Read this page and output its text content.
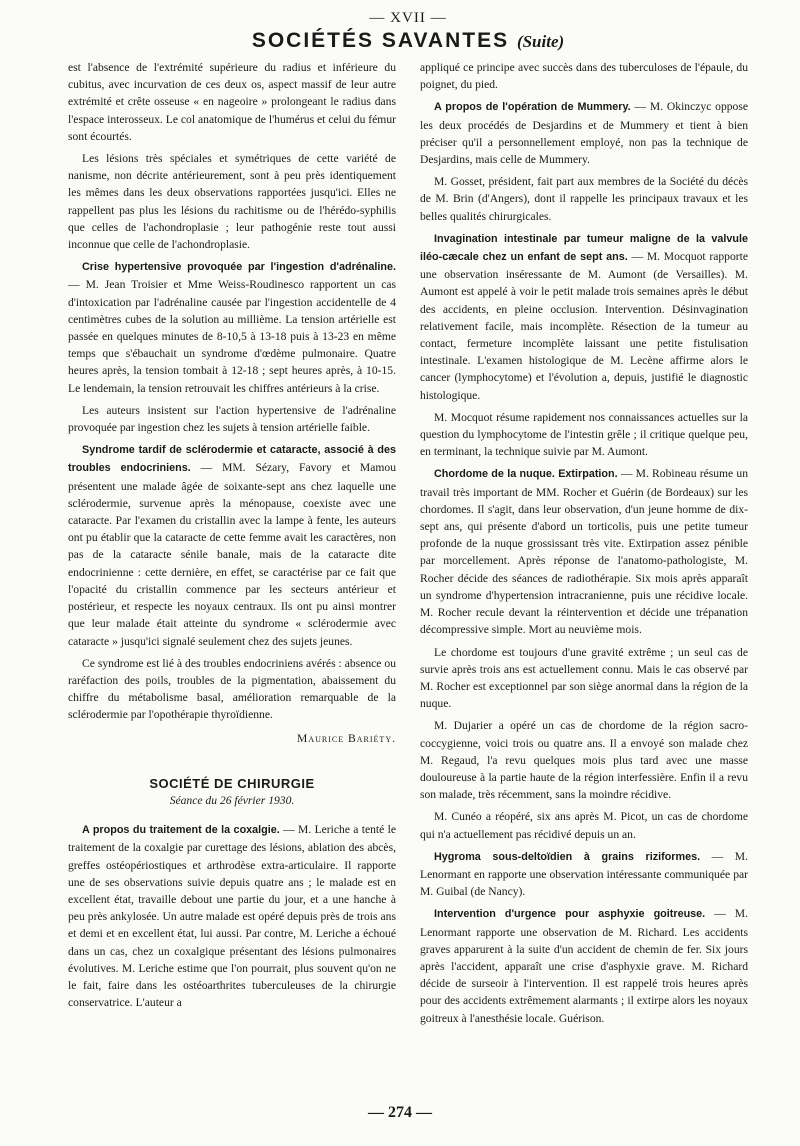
— XVII —
SOCIÉTÉS SAVANTES (Suite)

est l'absence de l'extrémité supérieure du radius et inférieure du cubitus, avec incurvation de ces deux os, aspect massif de leur autre extrémité et crête osseuse « en nageoire » prolongeant le radius dans l'espace interosseux. Le col anatomique de l'humérus et celui du fémur sont écourtés.

Les lésions très spéciales et symétriques de cette variété de nanisme, non décrite antérieurement, sont à peu près identiquement les mêmes dans les deux observations rapportées jusqu'ici. Elles ne rappellent pas plus les lésions du rachitisme ou de l'hérédo-syphilis que celles de l'achondroplasie ; leur pathogénie reste tout aussi inconnue que celle de l'achondroplasie.

Crise hypertensive provoquée par l'ingestion d'adrénaline. — M. Jean Troisier et Mme Weiss-Roudinesco rapportent un cas d'intoxication par l'adrénaline causée par l'ingestion accidentelle de 4 centimètres cubes de la solution au millième. La tension artérielle est passée en quelques minutes de 8-10,5 à 13-18 puis à 13-23 en même temps que s'ébauchait un syndrome d'œdème pulmonaire. Quatre heures après, la tension tombait à 12-18 ; sept heures après, à 10-15. Le lendemain, la tension retrouvait les chiffres antérieurs à la crise.

Les auteurs insistent sur l'action hypertensive de l'adrénaline provoquée par ingestion chez les sujets à tension artérielle faible.

Syndrome tardif de sclérodermie et cataracte, associé à des troubles endocriniens. — MM. Sézary, Favory et Mamou présentent une malade âgée de soixante-sept ans chez laquelle une sclérodermie, survenue après la ménopause, coexiste avec une cataracte. Par l'examen du cristallin avec la lampe à fente, les auteurs ont pu établir que la cataracte de cette femme avait les caractères, non pas de la cataracte sénile banale, mais de la cataracte dite endocrinienne : cette dernière, en effet, se caractérise par ce fait que l'opacité du cristallin commence par les secteurs antérieur et postérieur, et respecte les noyaux centraux. Ils ont pu ainsi montrer que leur malade était atteinte du syndrome « sclérodermie avec cataracte » jusqu'ici signalé seulement chez des sujets jeunes.

Ce syndrome est lié à des troubles endocriniens avérés : absence ou raréfaction des poils, troubles de la pigmentation, abaissement du chiffre du métabolisme basal, amélioration remarquable de la sclérodermie par l'opothérapie thyroïdienne.

Maurice Bariéty.
SOCIÉTÉ DE CHIRURGIE
Séance du 26 février 1930.

A propos du traitement de la coxalgie. — M. Leriche a tenté le traitement de la coxalgie par curettage des lésions, ablation des abcès, greffes ostéopériostiques et arthrodèse extra-articulaire. Il rapporte une de ses observations suivie depuis quatre ans ; le malade est en excellent état, travaille debout une partie du jour, et a une hanche à peu près ankylosée. Un autre malade est opéré depuis près de trois ans et demi et en excellent état, lui aussi. Par contre, M. Leriche a échoué dans un cas, chez un coxalgique présentant des lésions pulmonaires évolutives. M. Leriche estime que l'on pourrait, plus souvent qu'on ne le fait, faire dans les ostéoarthrites tuberculeuses de la chirurgie conservatrice. L'auteur a

appliqué ce principe avec succès dans des tuberculoses de l'épaule, du poignet, du pied.

A propos de l'opération de Mummery. — M. Okinczyc oppose les deux procédés de Desjardins et de Mummery et tient à bien préciser qu'il a personnellement employé, non pas la technique de Desjardins, mais celle de Mummery.

M. Gosset, président, fait part aux membres de la Société du décès de M. Brin (d'Angers), dont il rappelle les principaux travaux et les belles qualités chirurgicales.

Invagination intestinale par tumeur maligne de la valvule iléo-cæcale chez un enfant de sept ans. — M. Mocquot rapporte une observation inséressante de M. Aumont (de Versailles). M. Aumont est appelé à voir le petit malade trois semaines après le début des accidents, en pleine occlusion. Intervention. Désinvagination relativement facile, mais incomplète. Résection de la tumeur au contact, fermeture incomplète laissant une petite fistulisation intestinale. L'examen histologique de M. Lecène affirme alors le cancer (lymphocytome) et l'évolution a, depuis, justifié le diagnostic histologique.

M. Mocquot résume rapidement nos connaissances actuelles sur la question du lymphocytome de l'intestin grêle ; il critique quelque peu, en terminant, la technique suivie par M. Aumont.

Chordome de la nuque. Extirpation. — M. Robineau résume un travail très important de MM. Rocher et Guérin (de Bordeaux) sur les chordomes. Il s'agit, dans leur observation, d'un jeune homme de dix-sept ans, qui présente d'abord un torticolis, puis une petite tumeur profonde de la nuque grossissant très vite. Extirpation assez pénible par morcellement. Après réponse de l'anatomo-pathologiste, M. Rocher décide des séances de radiothérapie. Six mois après apparaît un syndrome d'hypertension intracranienne, puis une récidive locale. M. Rocher recule devant la réintervention et décide une trépanation décompressive simple. Mort au neuvième mois.

Le chordome est toujours d'une gravité extrême ; un seul cas de survie après trois ans est actuellement connu. Mais le cas observé par M. Rocher est exceptionnel par son siège anormal dans la région de la nuque.

M. Dujarier a opéré un cas de chordome de la région sacro-coccygienne, voici trois ou quatre ans. Il a envoyé son malade chez M. Regaud, l'a revu quelques mois plus tard avec une masse douloureuse à la partie haute de la région interfessière. Enfin il a revu son malade, très récemment, sans la moindre récidive.

M. Cunéo a réopéré, six ans après M. Picot, un cas de chordome qui n'a actuellement pas récidivé depuis un an.

Hygroma sous-deltoïdien à grains riziformes. — M. Lenormant en rapporte une observation intéressante communiquée par M. Guibal (de Nancy).

Intervention d'urgence pour asphyxie goitreuse. — M. Lenormant rapporte une observation de M. Richard. Les accidents graves apparurent à la suite d'un accident de chemin de fer. Six jours après l'accident, apparaît une crise d'asphyxie grave. M. Richard décide de surseoir à l'intervention. Il est rappelé trois heures après pour des accidents extrêmement alarmants ; il extirpe alors les noyaux goitreux à l'anesthésie locale. Guérison.

— 274 —
